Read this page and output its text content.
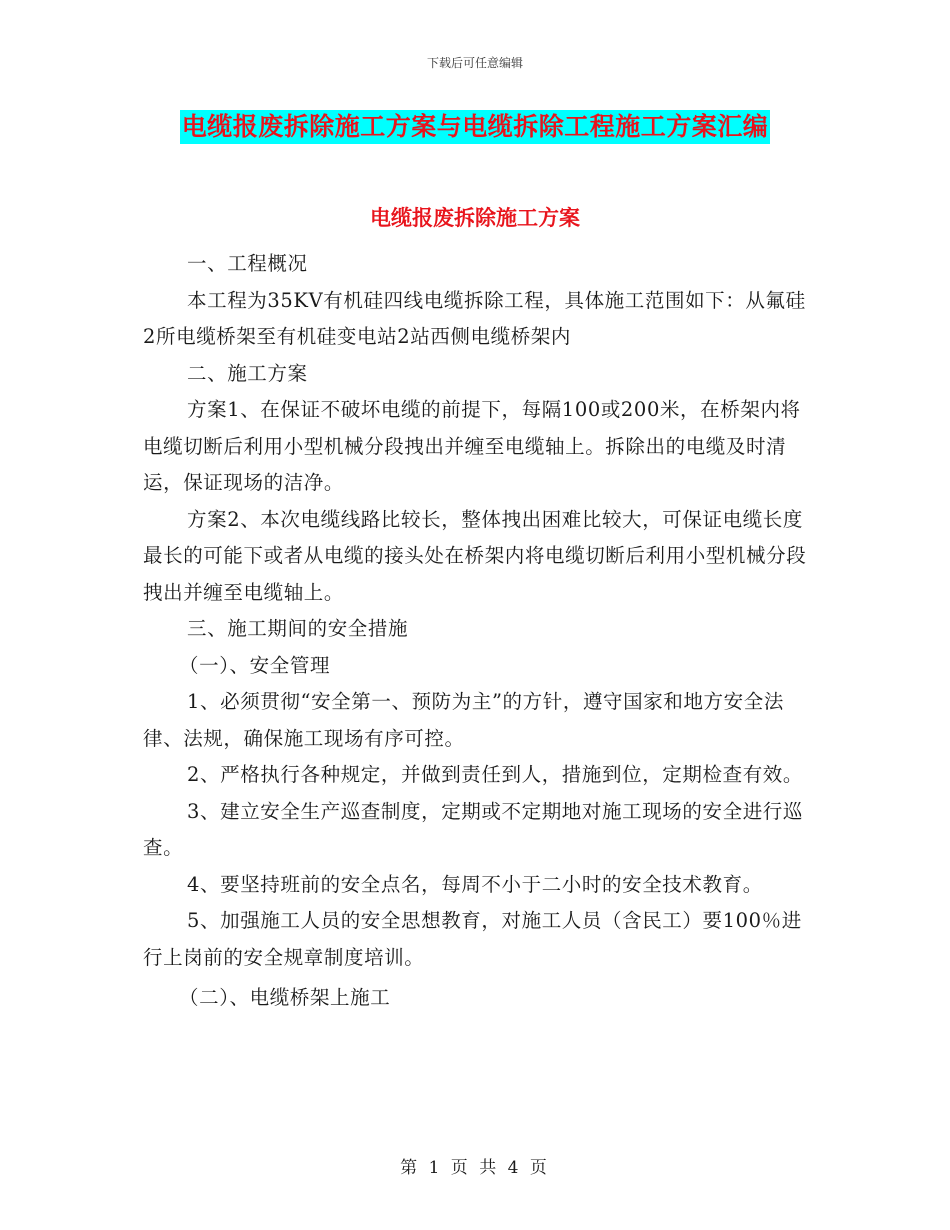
下载后可任意编辑
电缆报废拆除施工方案与电缆拆除工程施工方案汇编
电缆报废拆除施工方案

一、工程概况

本工程为35KV有机硅四线电缆拆除工程，具体施工范围如下：从氟硅2所电缆桥架至有机硅变电站2站西侧电缆桥架内

二、施工方案

方案1、在保证不破坏电缆的前提下，每隔100或200米，在桥架内将电缆切断后利用小型机械分段拽出并缠至电缆轴上。拆除出的电缆及时清运，保证现场的洁净。

方案2、本次电缆线路比较长，整体拽出困难比较大，可保证电缆长度最长的可能下或者从电缆的接头处在桥架内将电缆切断后利用小型机械分段拽出并缠至电缆轴上。

三、施工期间的安全措施

（一）、安全管理

1、必须贯彻“安全第一、预防为主”的方针，遵守国家和地方安全法律、法规，确保施工现场有序可控。

2、严格执行各种规定，并做到责任到人，措施到位，定期检查有效。

3、建立安全生产巡查制度，定期或不定期地对施工现场的安全进行巡查。

4、要坚持班前的安全点名，每周不小于二小时的安全技术教育。

5、加强施工人员的安全思想教育，对施工人员（含民工）要100％进行上岗前的安全规章制度培训。

（二）、电缆桥架上施工

第 1 页 共 4 页
